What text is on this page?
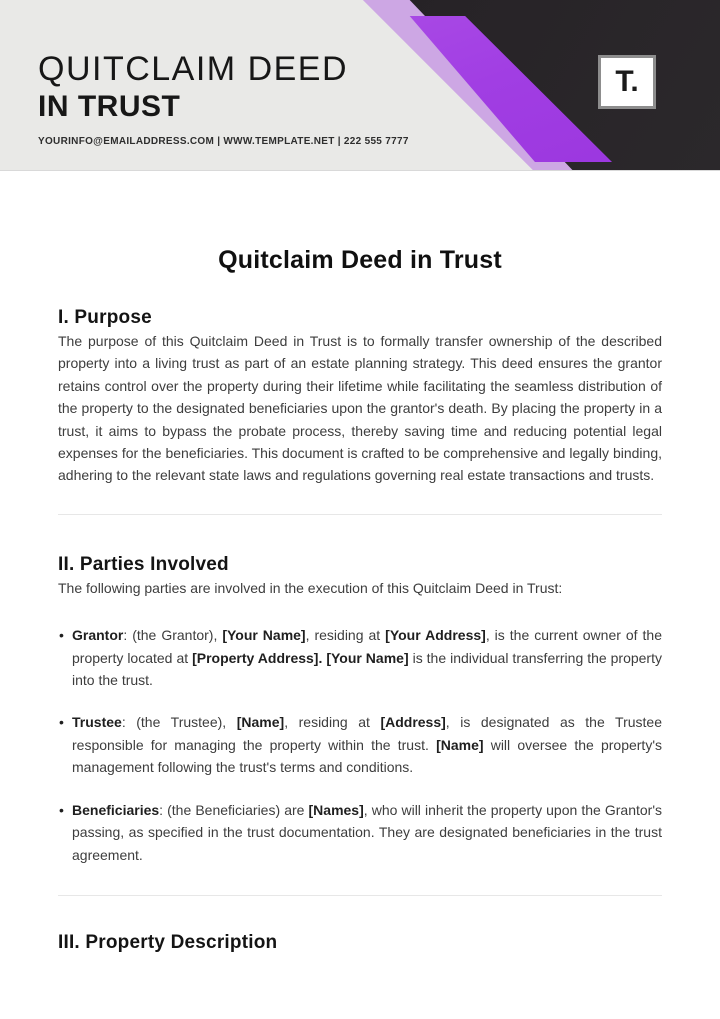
QUITCLAIM DEED
IN TRUST
YOURINFO@EMAILADDRESS.COM | WWW.TEMPLATE.NET | 222 555 7777
T.
Quitclaim Deed in Trust
I. Purpose

The purpose of this Quitclaim Deed in Trust is to formally transfer ownership of the described property into a living trust as part of an estate planning strategy. This deed ensures the grantor retains control over the property during their lifetime while facilitating the seamless distribution of the property to the designated beneficiaries upon the grantor's death. By placing the property in a trust, it aims to bypass the probate process, thereby saving time and reducing potential legal expenses for the beneficiaries. This document is crafted to be comprehensive and legally binding, adhering to the relevant state laws and regulations governing real estate transactions and trusts.

II. Parties Involved

The following parties are involved in the execution of this Quitclaim Deed in Trust:

• Grantor: (the Grantor), [Your Name], residing at [Your Address], is the current owner of the property located at [Property Address]. [Your Name] is the individual transferring the property into the trust.
• Trustee: (the Trustee), [Name], residing at [Address], is designated as the Trustee responsible for managing the property within the trust. [Name] will oversee the property's management following the trust's terms and conditions.
• Beneficiaries: (the Beneficiaries) are [Names], who will inherit the property upon the Grantor's passing, as specified in the trust documentation. They are designated beneficiaries in the trust agreement.
III. Property Description
